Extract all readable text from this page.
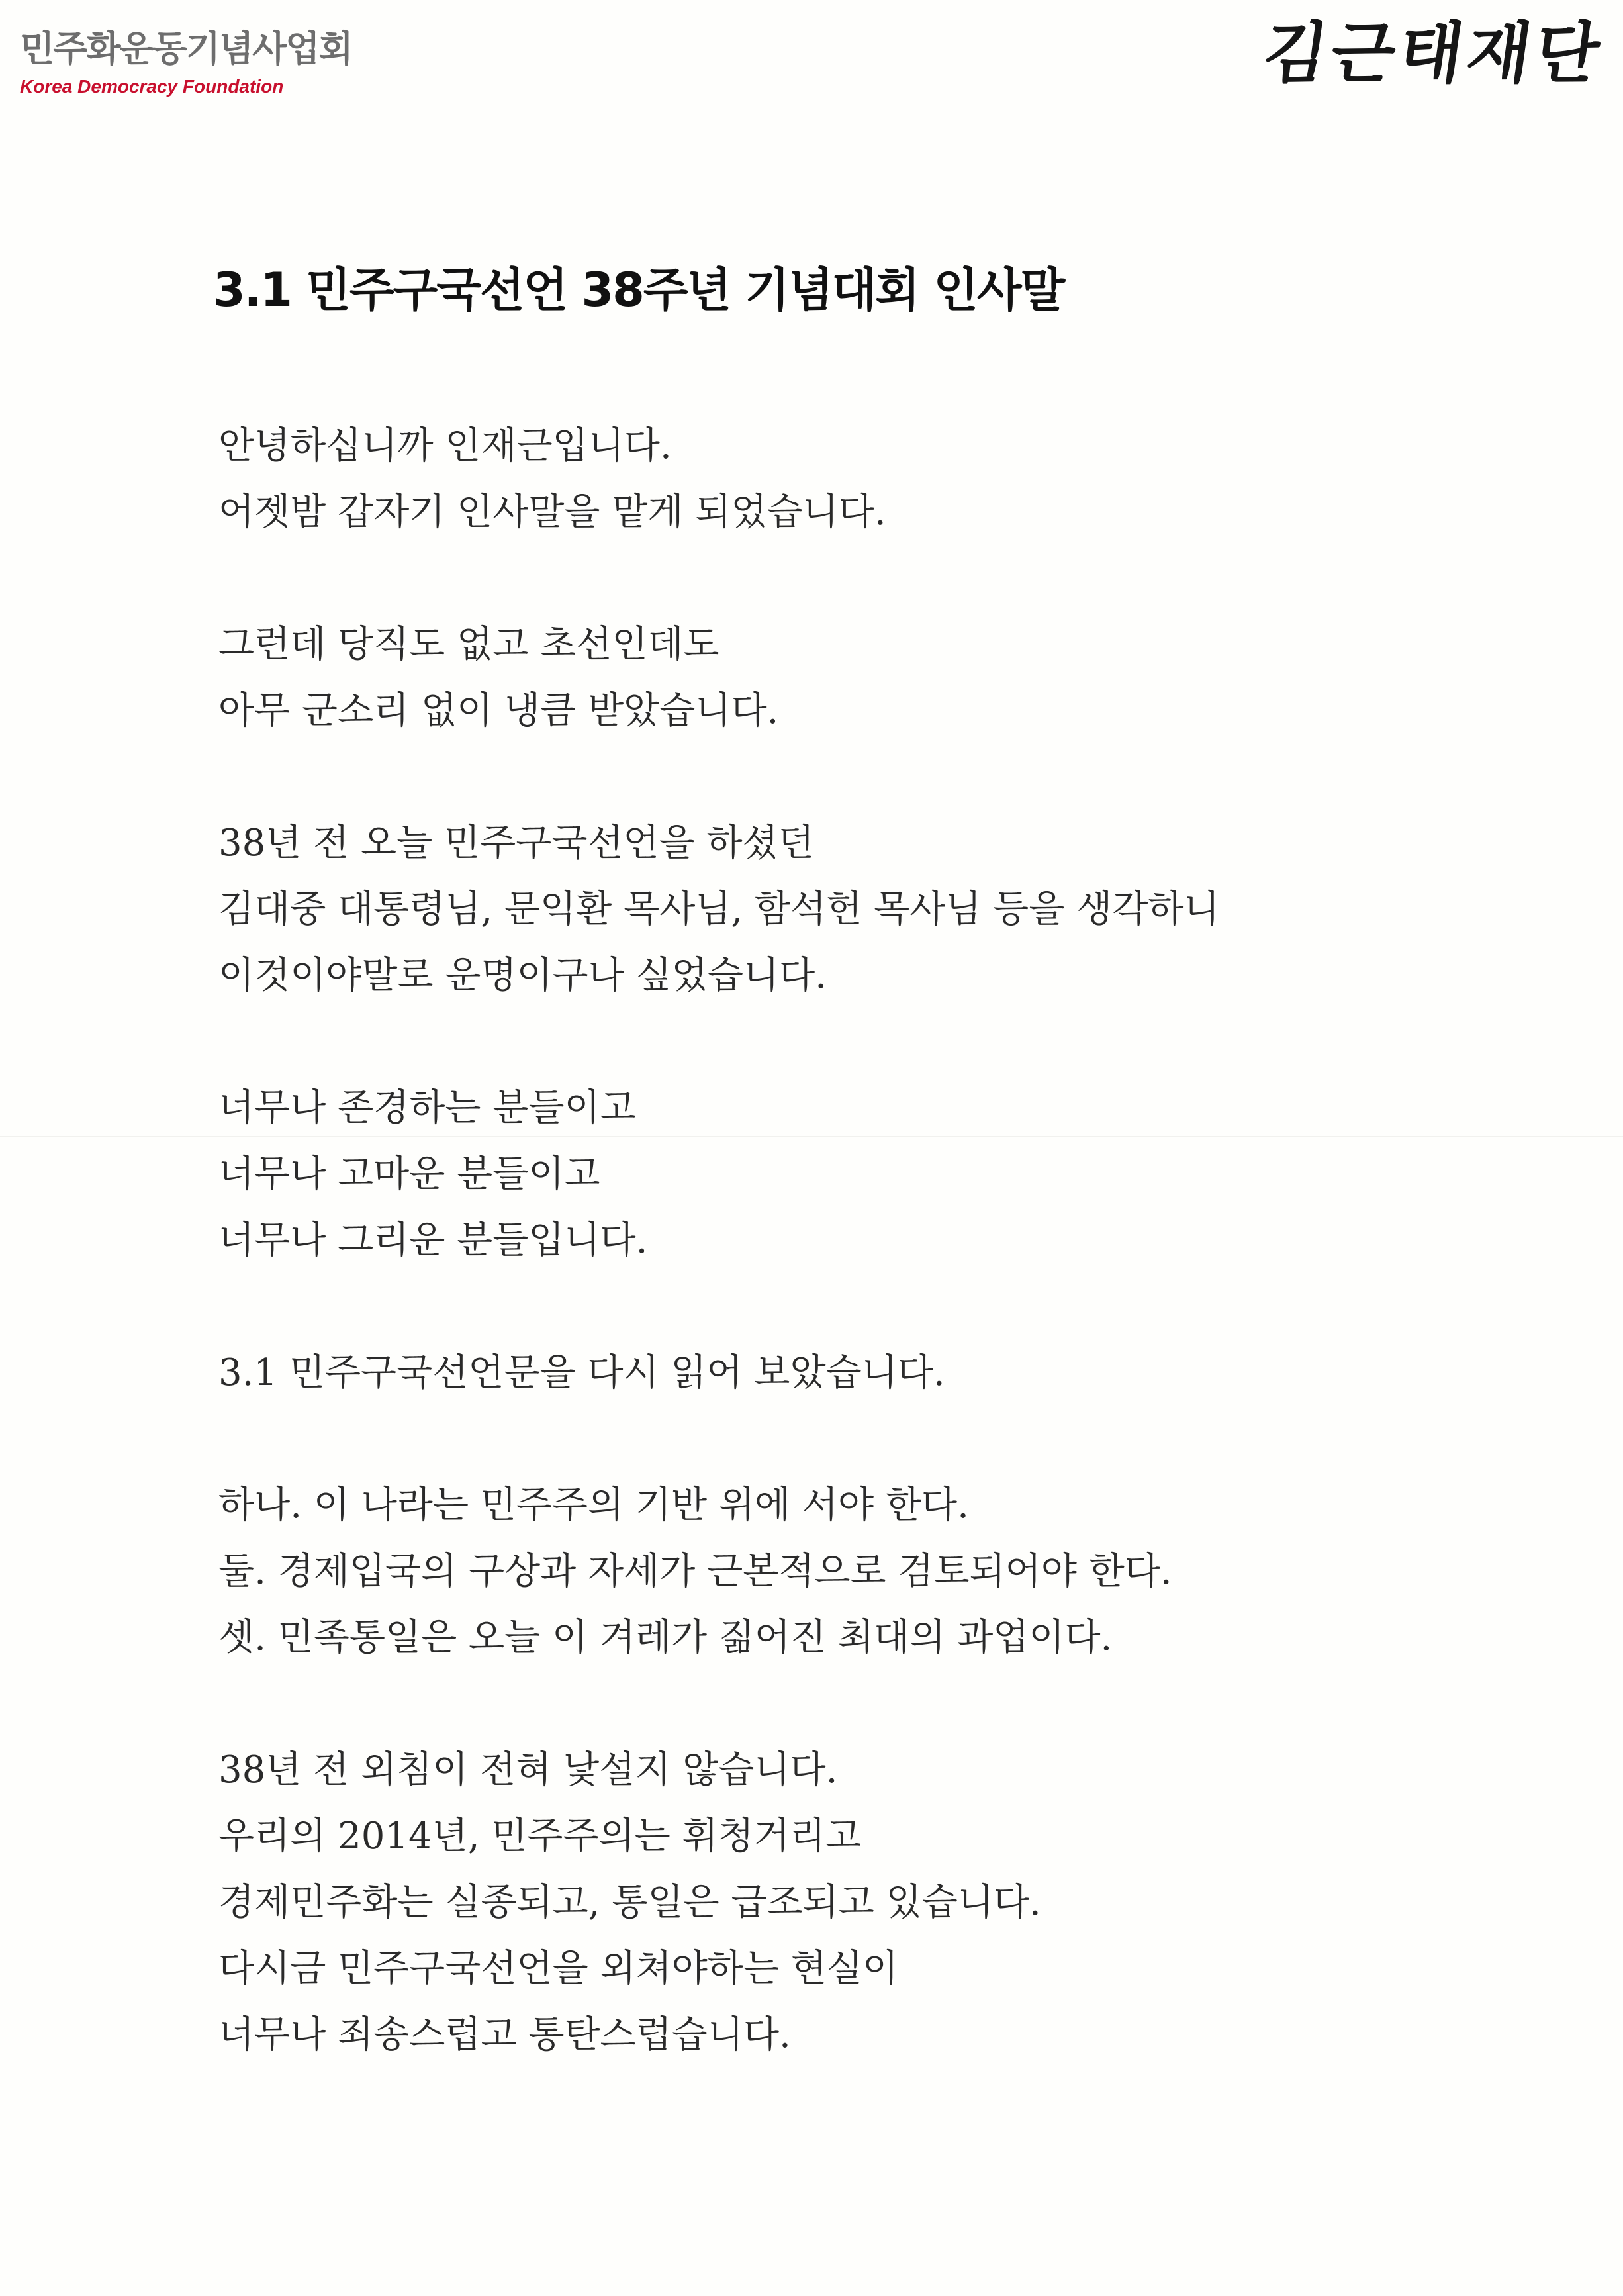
민주화운동기념사업회
Korea Democracy Foundation	김근태재단
3.1 민주구국선언 38주년 기념대회 인사말
안녕하십니까 인재근입니다.
어젯밤 갑자기 인사말을 맡게 되었습니다.
그런데 당직도 없고 초선인데도
아무 군소리 없이 냉큼 받았습니다.
38년 전 오늘 민주구국선언을 하셨던
김대중 대통령님, 문익환 목사님, 함석헌 목사님 등을 생각하니
이것이야말로 운명이구나 싶었습니다.
너무나 존경하는 분들이고
너무나 고마운 분들이고
너무나 그리운 분들입니다.
3.1 민주구국선언문을 다시 읽어 보았습니다.
하나. 이 나라는 민주주의 기반 위에 서야 한다.
둘. 경제입국의 구상과 자세가 근본적으로 검토되어야 한다.
셋. 민족통일은 오늘 이 겨레가 짊어진 최대의 과업이다.
38년 전 외침이 전혀 낯설지 않습니다.
우리의 2014년, 민주주의는 휘청거리고
경제민주화는 실종되고, 통일은 급조되고 있습니다.
다시금 민주구국선언을 외쳐야하는 현실이
너무나 죄송스럽고 통탄스럽습니다.
